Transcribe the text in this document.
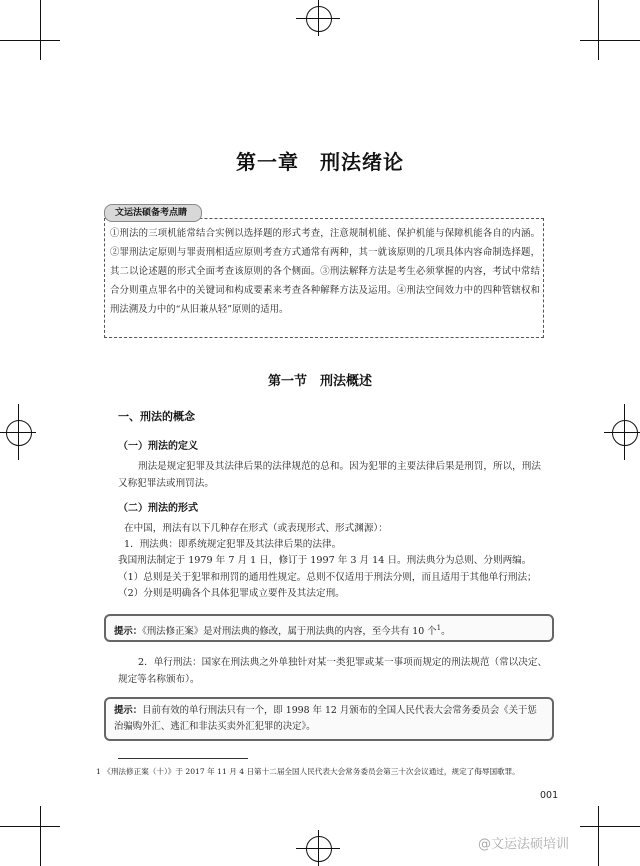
第一章　刑法绪论
文运法硕备考点睛
①刑法的三项机能常结合实例以选择题的形式考查，注意规制机能、保护机能与保障机能各自的内涵。②罪刑法定原则与罪责刑相适应原则考查方式通常有两种，其一就该原则的几项具体内容命制选择题，其二以论述题的形式全面考查该原则的各个侧面。③刑法解释方法是考生必须掌握的内容，考试中常结合分则重点罪名中的关键词和构成要素来考查各种解释方法及运用。④刑法空间效力中的四种管辖权和刑法溯及力中的“从旧兼从轻”原则的适用。
第一节　刑法概述
一、刑法的概念
（一）刑法的定义
刑法是规定犯罪及其法律后果的法律规范的总和。因为犯罪的主要法律后果是刑罚，所以，刑法又称犯罪法或刑罚法。
（二）刑法的形式
在中国，刑法有以下几种存在形式（或表现形式、形式渊源）：
1．刑法典：即系统规定犯罪及其法律后果的法律。
我国刑法制定于 1979 年 7 月 1 日，修订于 1997 年 3 月 14 日。刑法典分为总则、分则两编。
（1）总则是关于犯罪和刑罚的通用性规定。总则不仅适用于刑法分则，而且适用于其他单行刑法；
（2）分则是明确各个具体犯罪成立要件及其法定刑。
提示：《刑法修正案》是对刑法典的修改，属于刑法典的内容，至今共有 10 个$^1$。
2．单行刑法：国家在刑法典之外单独针对某一类犯罪或某一事项而规定的刑法规范（常以决定、规定等名称颁布）。
提示：目前有效的单行刑法只有一个，即 1998 年 12 月颁布的全国人民代表大会常务委员会《关于惩治骗购外汇、逃汇和非法买卖外汇犯罪的决定》。
1 《刑法修正案（十）》于 2017 年 11 月 4 日第十二届全国人民代表大会常务委员会第三十次会议通过，规定了侮辱国歌罪。
001
@文运法硕培训
